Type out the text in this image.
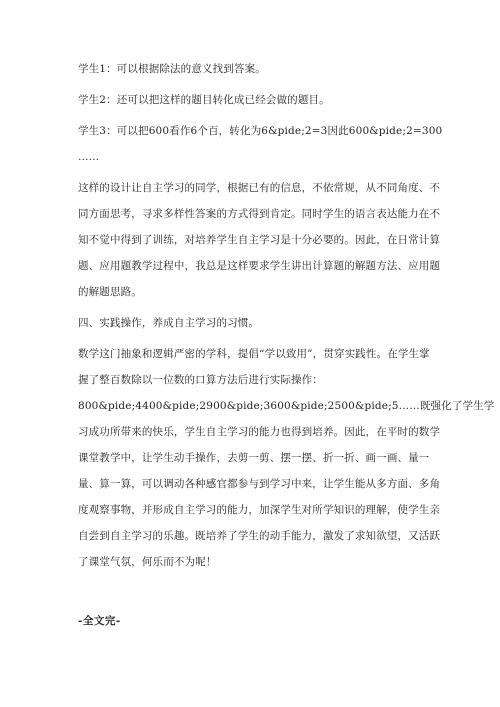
学生1：可以根据除法的意义找到答案。
学生2：还可以把这样的题目转化成已经会做的题目。
学生3：可以把600看作6个百，转化为6&pide;2=3因此600&pide;2=300
……
这样的设计让自主学习的同学，根据已有的信息，不依常规，从不同角度、不
同方面思考，寻求多样性答案的方式得到肯定。同时学生的语言表达能力在不
知不觉中得到了训练，对培养学生自主学习是十分必要的。因此，在日常计算
题、应用题教学过程中，我总是这样要求学生讲出计算题的解题方法、应用题
的解题思路。
四、实践操作，养成自主学习的习惯。
数学这门抽象和逻辑严密的学科，提倡“学以致用”，贯穿实践性。在学生掌
握了整百数除以一位数的口算方法后进行实际操作：
800&pide;4400&pide;2900&pide;3600&pide;2500&pide;5……既强化了学生学
习成功所带来的快乐，学生自主学习的能力也得到培养。因此，在平时的数学
课堂教学中，让学生动手操作，去剪一剪、摆一摆、折一折、画一画、量一
量、算一算，可以调动各种感官都参与到学习中来，让学生能从多方面、多角
度观察事物，并形成自主学习的能力，加深学生对所学知识的理解，使学生亲
自尝到自主学习的乐趣。既培养了学生的动手能力，激发了求知欲望，又活跃
了课堂气氛，何乐而不为呢！
-全文完-
